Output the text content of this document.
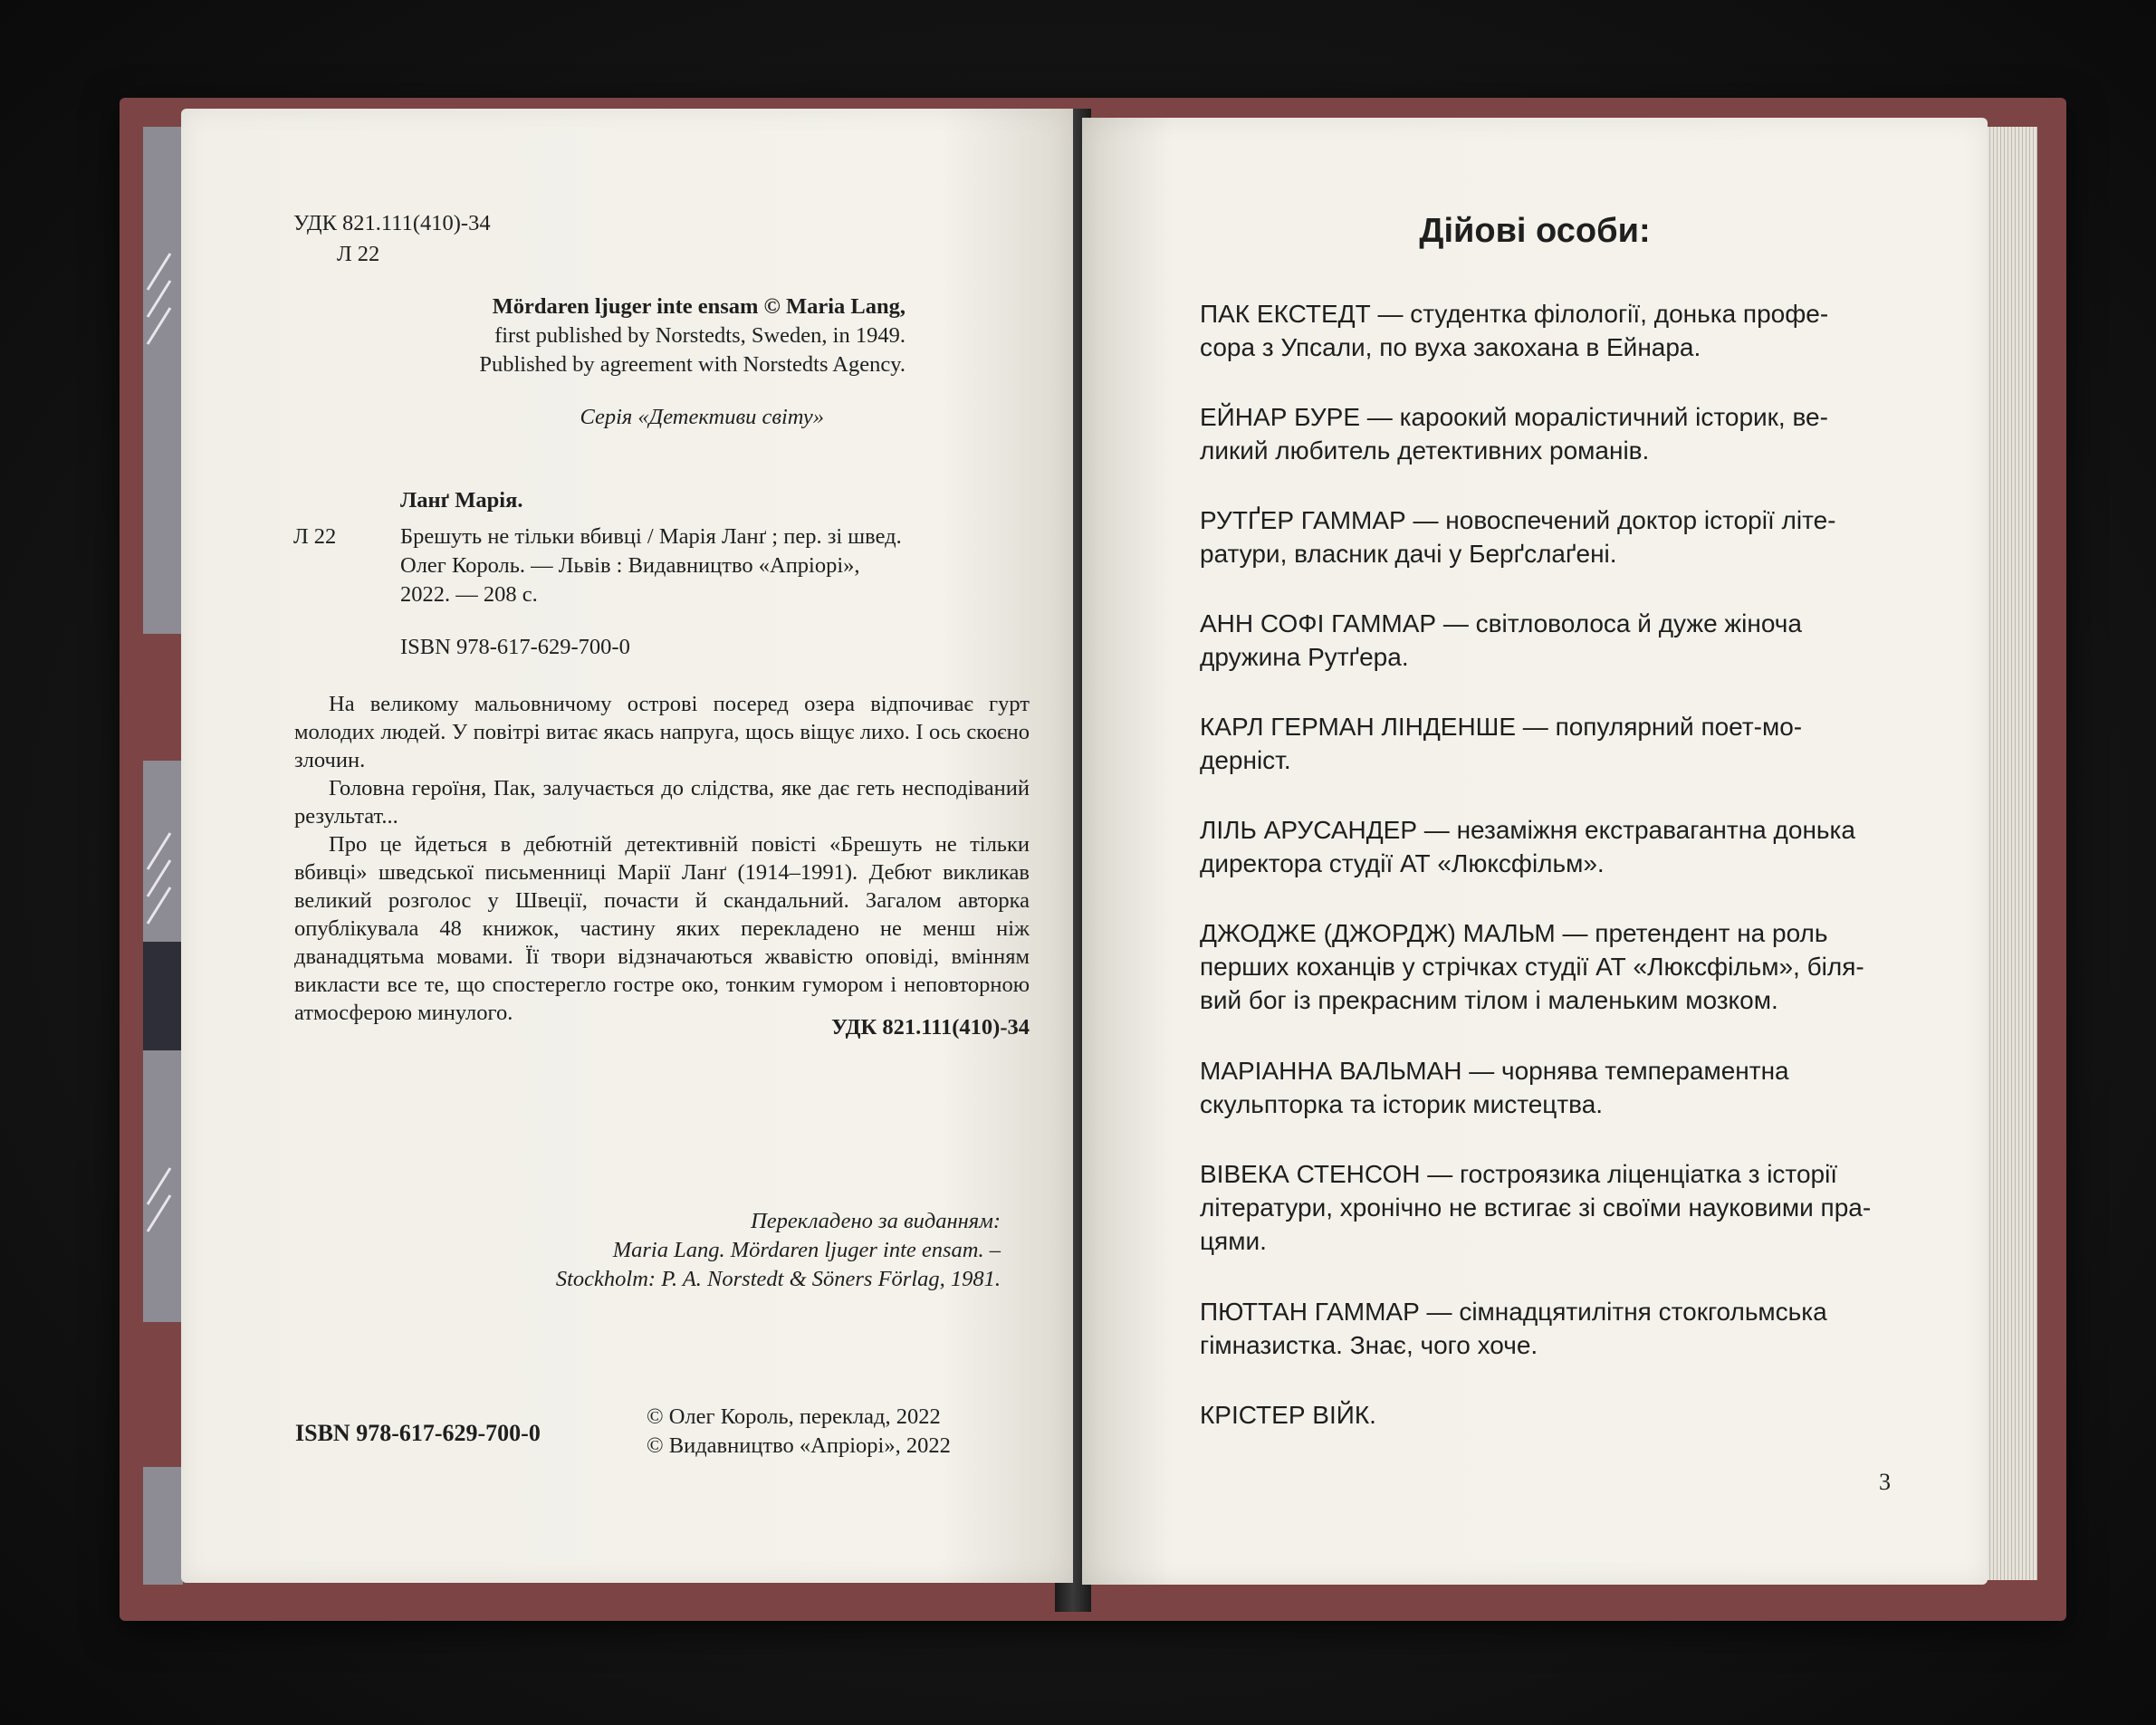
УДК 821.111(410)-34
Л 22
Mördaren ljuger inte ensam © Maria Lang,
first published by Norstedts, Sweden, in 1949.
Published by agreement with Norstedts Agency.
Серія «Детективи світу»
Ланґ Марія.
Л 22	Брешуть не тільки вбивці / Марія Ланґ ; пер. зі швед.
Олег Король. — Львів : Видавництво «Апріорі»,
2022. — 208 с.
ISBN 978-617-629-700-0

На великому мальовничому острові посеред озера відпочиває гурт молодих людей. У повітрі витає якась напруга, щось віщує лихо. І ось скоєно злочин.

Головна героїня, Пак, залучається до слідства, яке дає геть несподіваний результат...

Про це йдеться в дебютній детективній повісті «Брешуть не тільки вбивці» шведської письменниці Марії Ланґ (1914–1991). Дебют викликав великий розголос у Швеції, почасти й скандальний. Загалом авторка опублікувала 48 книжок, частину яких перекладено не менш ніж дванадцятьма мовами. Її твори відзначаються жвавістю оповіді, вмінням викласти все те, що спостерегло гостре око, тонким гумором і неповторною атмосферою минулого.

УДК 821.111(410)-34
Перекладено за виданням:
Maria Lang. Mördaren ljuger inte ensam. –
Stockholm: P. A. Norstedt & Söners Förlag, 1981.
ISBN 978-617-629-700-0
© Олег Король, переклад, 2022
© Видавництво «Апріорі», 2022
Дійові особи:
ПАК ЕКСТЕДТ — студентка філології, донька профе-
сора з Упсали, по вуха закохана в Ейнара.
ЕЙНАР БУРЕ — кароокий моралістичний історик, ве-
ликий любитель детективних романів.
РУТҐЕР ГАММАР — новоспечений доктор історії літе-
ратури, власник дачі у Берґслаґені.
АНН СОФІ ГАММАР — світловолоса й дуже жіноча
дружина Рутґера.
КАРЛ ГЕРМАН ЛІНДЕНШЕ — популярний поет-мо-
дерніст.
ЛІЛЬ АРУСАНДЕР — незаміжня екстравагантна донька
директора студії АТ «Люксфільм».
ДЖОДЖЕ (ДЖОРДЖ) МАЛЬМ — претендент на роль
перших коханців у стрічках студії АТ «Люксфільм», біля-
вий бог із прекрасним тілом і маленьким мозком.
МАРІАННА ВАЛЬМАН — чорнява темпераментна
скульпторка та історик мистецтва.
ВІВЕКА СТЕНСОН — гостроязика ліценціатка з історії
літератури, хронічно не встигає зі своїми науковими пра-
цями.
ПЮТТАН ГАММАР — сімнадцятилітня стокгольмська
гімназистка. Знає, чого хоче.
КРІСТЕР ВІЙК.
3
